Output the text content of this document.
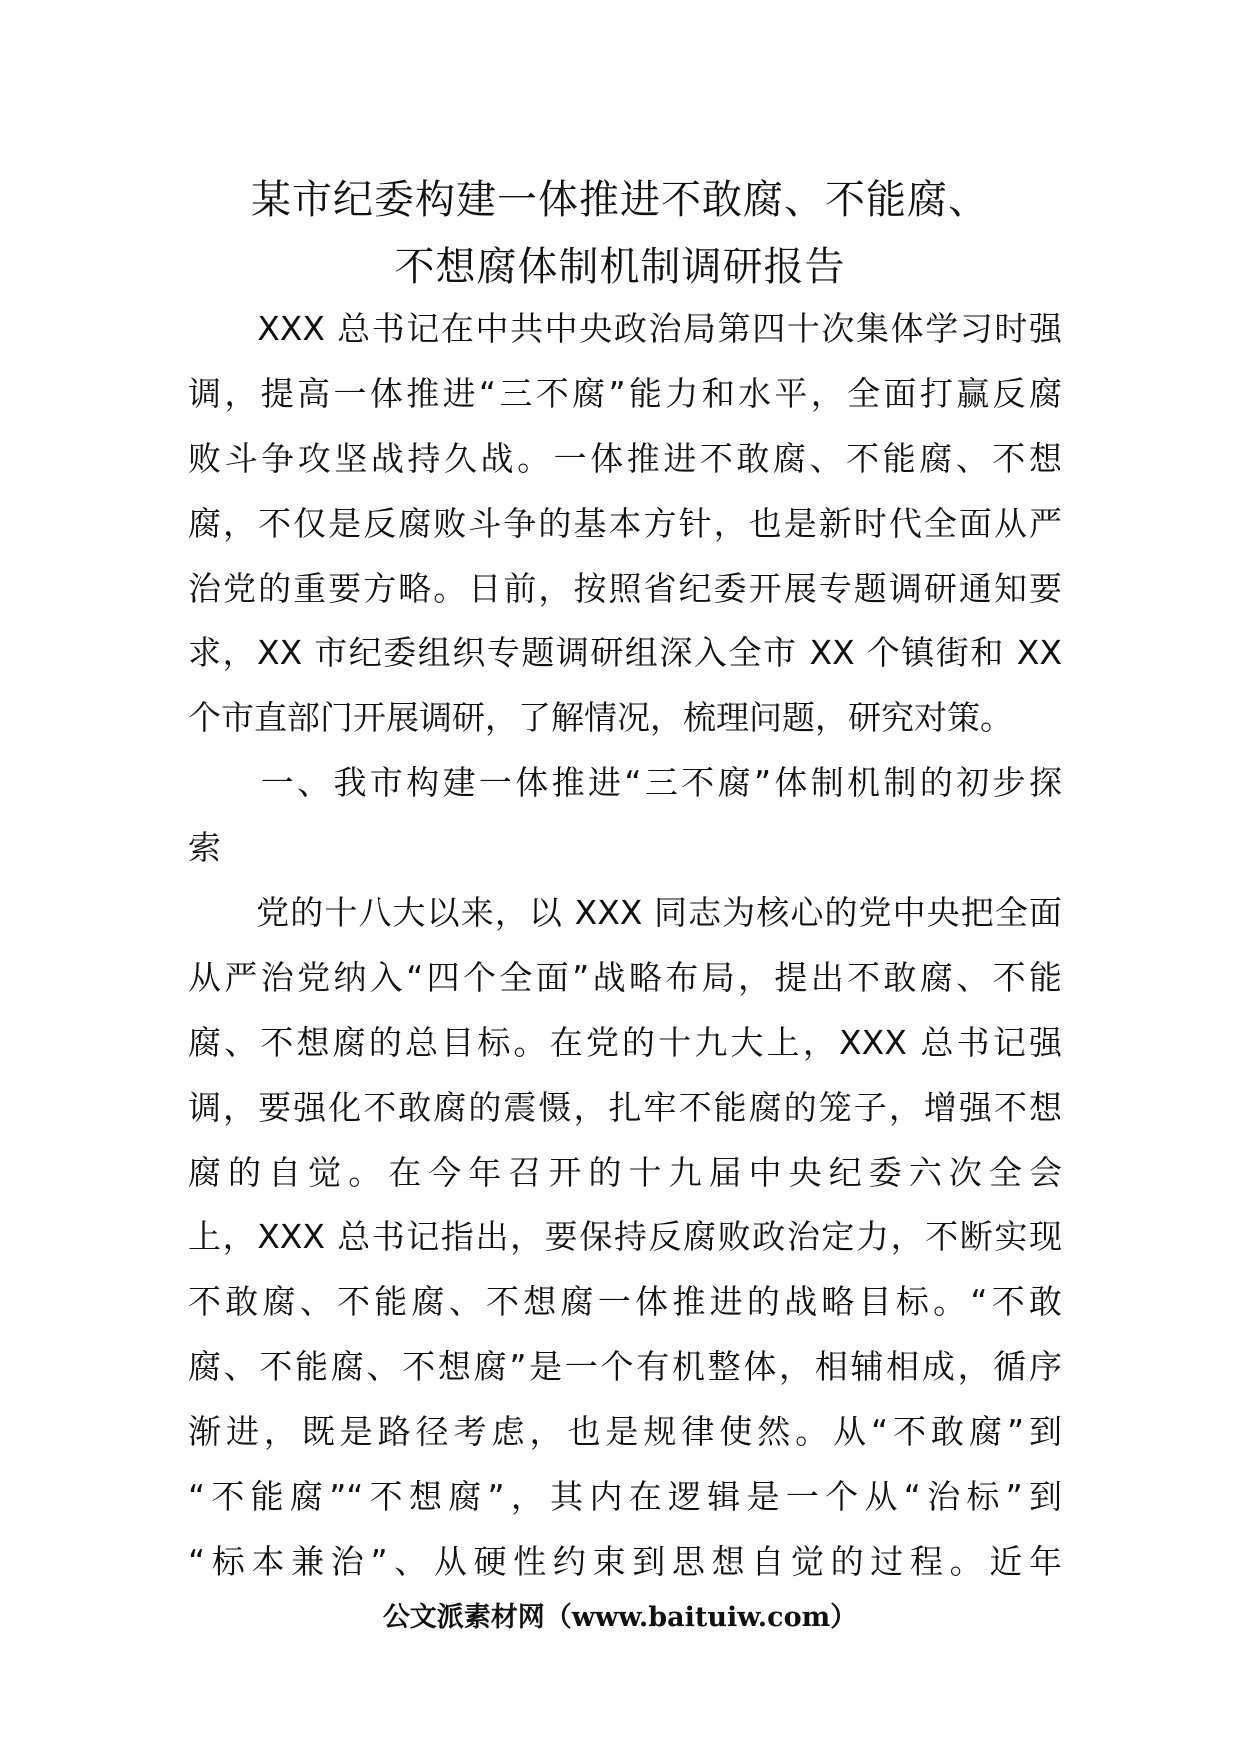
某市纪委构建一体推进不敢腐、不能腐、
不想腐体制机制调研报告
　　XXX 总书记在中共中央政治局第四十次集体学习时强
调，提高一体推进“三不腐”能力和水平，全面打赢反腐
败斗争攻坚战持久战。一体推进不敢腐、不能腐、不想
腐，不仅是反腐败斗争的基本方针，也是新时代全面从严
治党的重要方略。日前，按照省纪委开展专题调研通知要
求，XX 市纪委组织专题调研组深入全市 XX 个镇街和 XX
个市直部门开展调研，了解情况，梳理问题，研究对策。
　　一、我市构建一体推进“三不腐”体制机制的初步探
索
　　党的十八大以来，以 XXX 同志为核心的党中央把全面
从严治党纳入“四个全面”战略布局，提出不敢腐、不能
腐、不想腐的总目标。在党的十九大上，XXX 总书记强
调，要强化不敢腐的震慑，扎牢不能腐的笼子，增强不想
腐的自觉。在今年召开的十九届中央纪委六次全会
上，XXX 总书记指出，要保持反腐败政治定力，不断实现
不敢腐、不能腐、不想腐一体推进的战略目标。“不敢
腐、不能腐、不想腐”是一个有机整体，相辅相成，循序
渐进，既是路径考虑，也是规律使然。从“不敢腐”到
“不能腐”“不想腐”，其内在逻辑是一个从“治标”到
“标本兼治”、从硬性约束到思想自觉的过程。近年
公文派素材网（www.baituiw.com）
